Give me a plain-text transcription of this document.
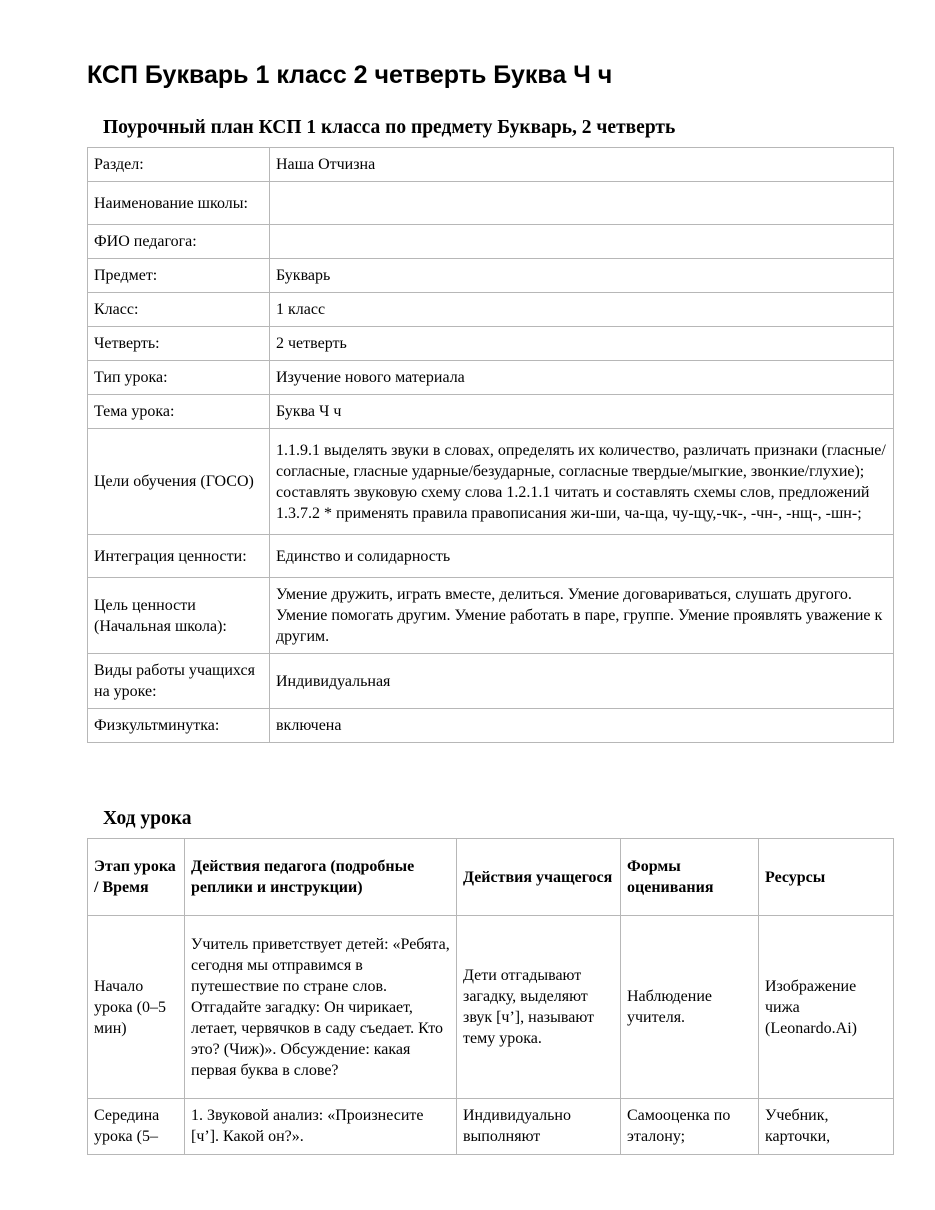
КСП Букварь 1 класс 2 четверть Буква Ч ч
Поурочный план КСП 1 класса по предмету Букварь, 2 четверть
Раздел:	Наша Отчизна
Наименование школы:	
ФИО педагога:	
Предмет:	Букварь
Класс:	1 класс
Четверть:	2 четверть
Тип урока:	Изучение нового материала
Тема урока:	Буква Ч ч
Цели обучения (ГОСО)	1.1.9.1 выделять звуки в словах, определять их количество, различать признаки (гласные/ согласные, гласные ударные/безударные, согласные твердые/мыгкие, звонкие/глухие); составлять звуковую схему слова 1.2.1.1 читать и составлять схемы слов, предложений 1.3.7.2 * применять правила правописания жи-ши, ча-ща, чу-щу,-чк-, -чн-, -нщ-, -шн-;
Интеграция ценности:	Единство и солидарность
Цель ценности (Начальная школа):	Умение дружить, играть вместе, делиться. Умение договариваться, слушать другого. Умение помогать другим. Умение работать в паре, группе. Умение проявлять уважение к другим.
Виды работы учащихся на уроке:	Индивидуальная
Физкультминутка:	включена
Ход урока
Этап урока / Время	Действия педагога (подробные реплики и инструкции)	Действия учащегося	Формы оценивания	Ресурсы
Начало урока (0–5 мин)	Учитель приветствует детей: «Ребята, сегодня мы отправимся в путешествие по стране слов. Отгадайте загадку: Он чирикает, летает, червячков в саду съедает. Кто это? (Чиж)». Обсуждение: какая первая буква в слове?	Дети отгадывают загадку, выделяют звук [ч’], называют тему урока.	Наблюдение учителя.	Изображение чижа (Leonardo.Ai)
Середина урока (5–	1. Звуковой анализ: «Произнесите [ч’]. Какой он?».	Индивидуально выполняют	Самооценка по эталону;	Учебник, карточки,
